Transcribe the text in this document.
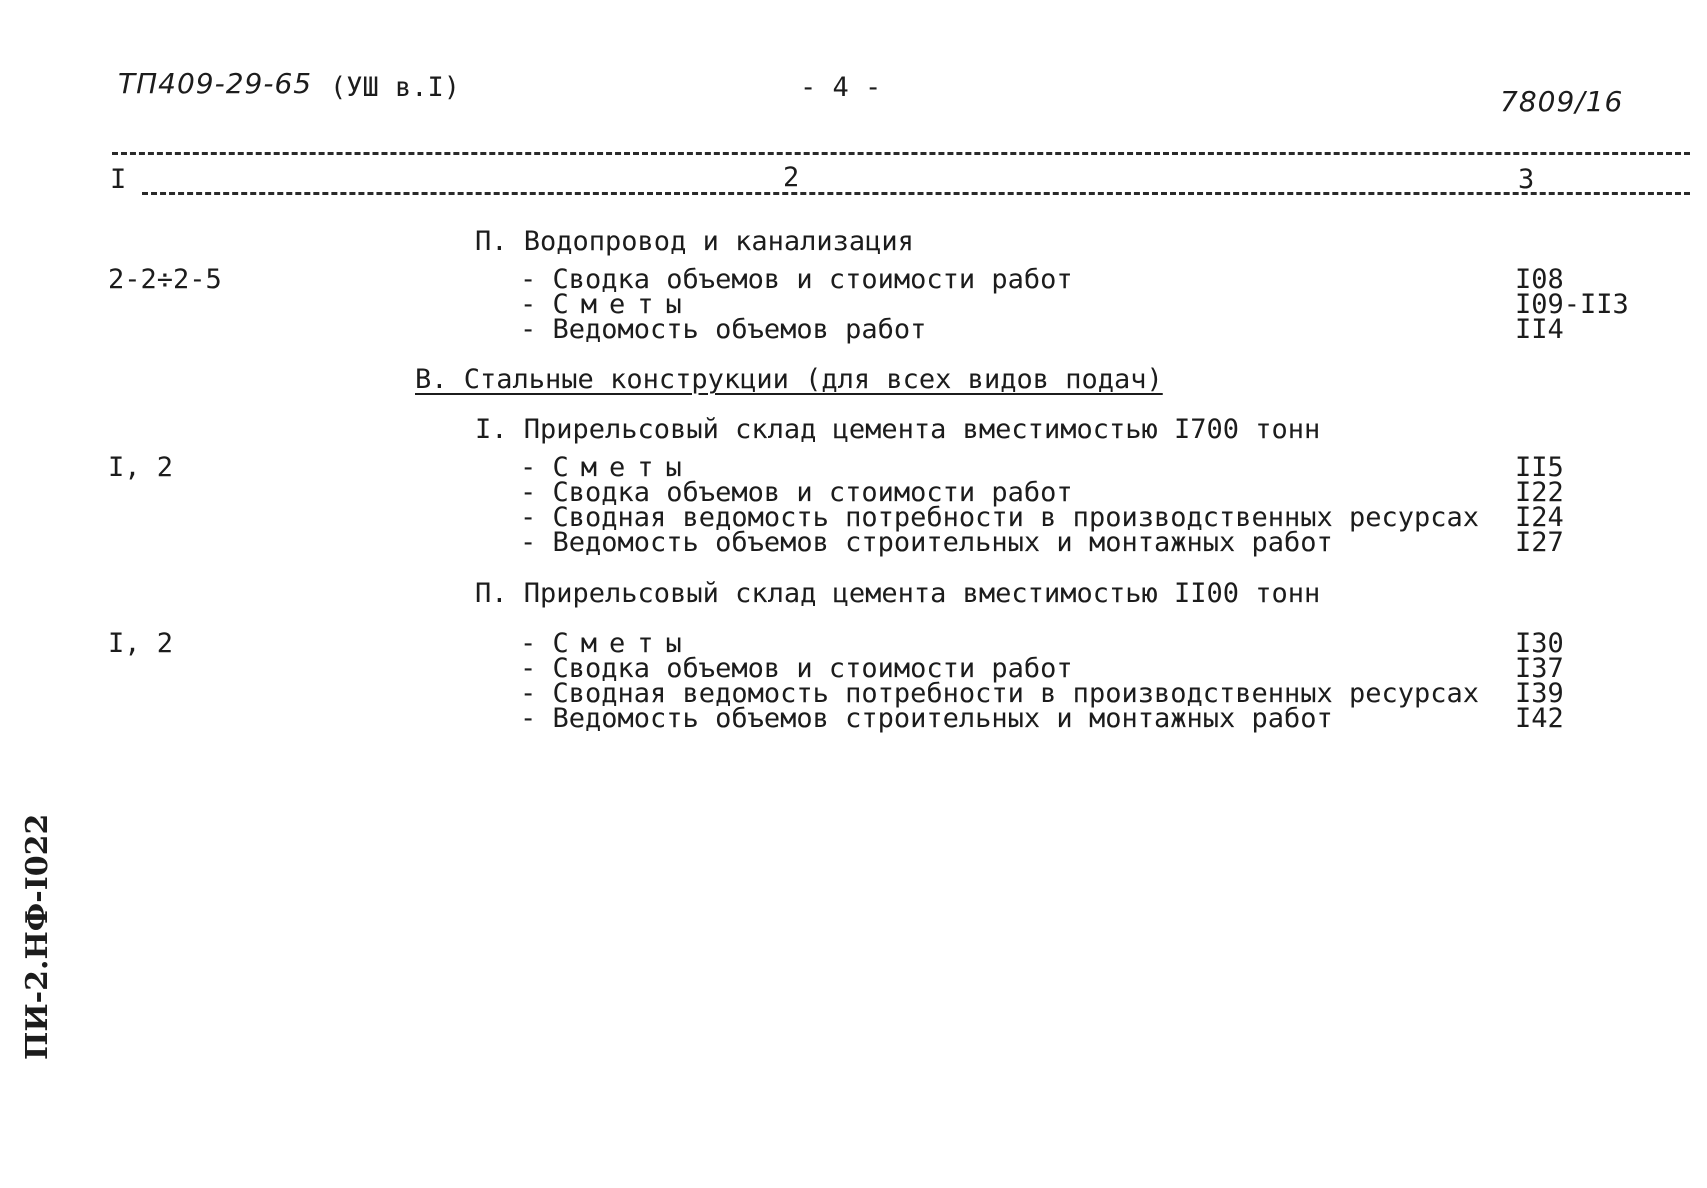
ТП409-29-65 (УШ в.I)	- 4 -	7809/16
I	2	3
П. Водопровод и канализация
2-2÷2-5	- Сводка объемов и стоимости работ	I08
- Сметы	I09-II3
- Ведомость объемов работ	II4
В. Стальные конструкции (для всех видов подач)
I. Прирельсовый склад цемента вместимостью I700 тонн
I, 2	- Сметы	II5
- Сводка объемов и стоимости работ	I22
- Сводная ведомость потребности в производственных ресурсах I24
- Ведомость объемов строительных и монтажных работ	I27
П. Прирельсовый склад цемента вместимостью II00 тонн
I, 2	- Сметы	I30
- Сводка объемов и стоимости работ	I37
- Сводная ведомость потребности в производственных ресурсах I39
- Ведомость объемов строительных и монтажных работ	I42
ПИ-2.НФ-I022
